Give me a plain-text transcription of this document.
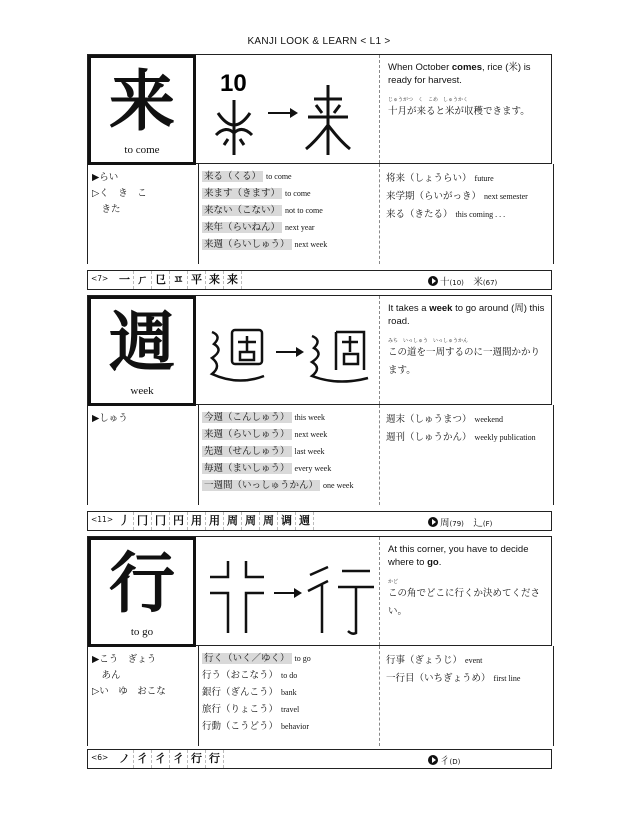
KANJI LOOK & LEARN < L1 >
来
to come
10
When October comes, rice (米) is ready for harvest.
じゅうがつ　く　こめ　しゅうかく
十月が来ると米が収穫できます。
▶らい
▷く　き　こ
　きた
来る（くる） to come
来ます（きます） to come
来ない（こない） not to come
来年（らいねん） next year
来週（らいしゅう） next week
将来（しょうらい） future
来学期（らいがっき） next semester
来る（きたる） this coming . . .
<7> 一 ㄏ 㔾 ㅍ 平 来 来	十(10)　 米(67)
週
week
It takes a week to go around (周) this road.
みち　いっしゅう　いっしゅうかん
この道を一周するのに一週間かかります。
▶しゅう	今週（こんしゅう） this week
来週（らいしゅう） next week
先週（せんしゅう） last week
毎週（まいしゅう） every week
一週間（いっしゅうかん） one week
週末（しゅうまつ） weekend
週刊（しゅうかん） weekly publication
<11> 丿 冂 冂 円 用 用 周 周 周 调 週	周(79)　 辶(F)
行
to go
At this corner, you have to decide where to go.
かど
この角でどこに行くか決めてください。
▶こう　ぎょう
　あん
▷い　ゆ　おこな
行く（いく／ゆく） to go
行う（おこなう） to do
銀行（ぎんこう） bank
旅行（りょこう） travel
行動（こうどう） behavior
行事（ぎょうじ） event
一行目（いちぎょうめ） first line
<6> ノ 彳 彳 彳 行 行	彳(D)
